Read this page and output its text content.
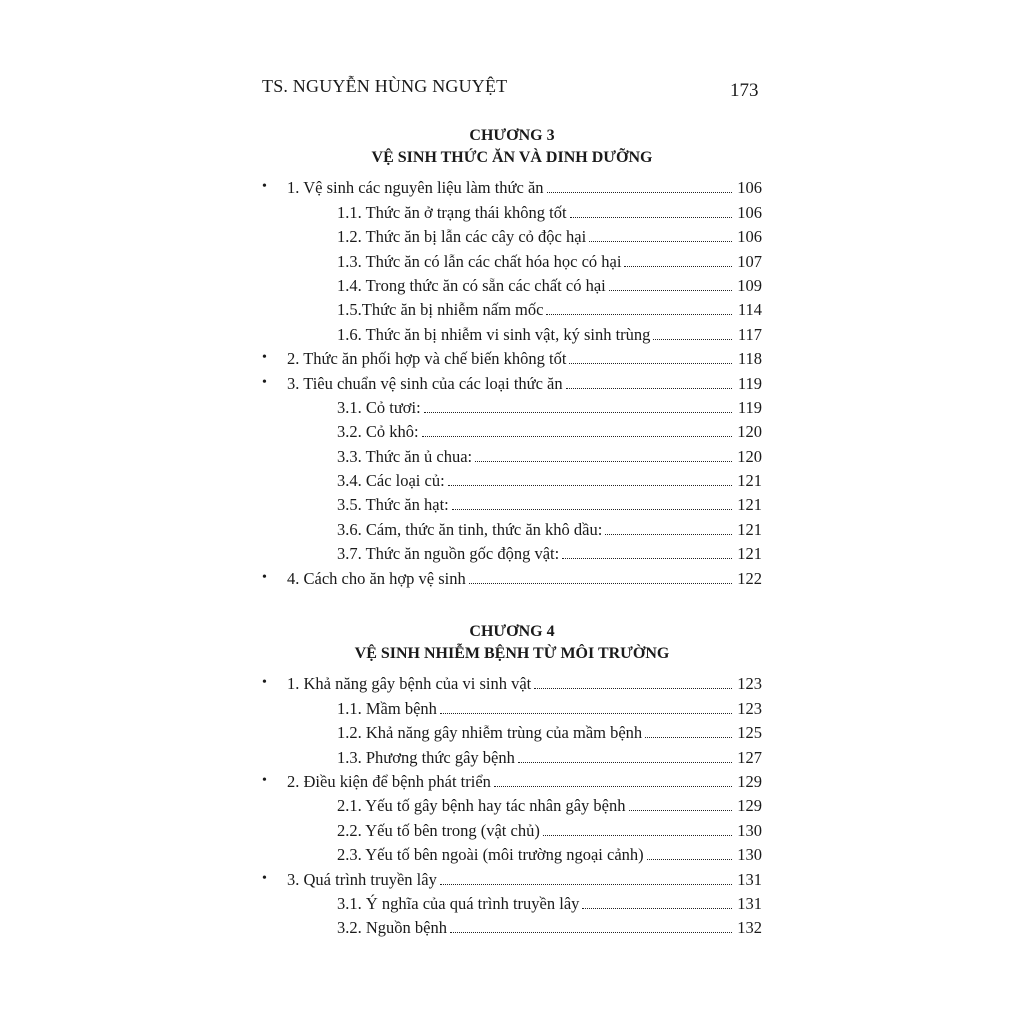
TS. NGUYỄN HÙNG NGUYỆT	173
CHƯƠNG 3
VỆ SINH THỨC ĂN VÀ DINH DƯỠNG
•	1. Vệ sinh các nguyên liệu làm thức ăn	106
1.1. Thức ăn ở trạng thái không tốt	106
1.2. Thức ăn bị lẫn các cây cỏ độc hại	106
1.3. Thức ăn có lẫn các chất hóa học có hại	107
1.4. Trong thức ăn có sẵn các chất có hại	109
1.5.Thức ăn bị nhiễm nấm mốc	114
1.6. Thức ăn bị nhiễm vi sinh vật, ký sinh trùng	117
•	2. Thức ăn phối hợp và chế biến không tốt	118
•	3. Tiêu chuẩn vệ sinh của các loại thức ăn	119
3.1. Cỏ tươi:	119
3.2. Cỏ khô:	120
3.3. Thức ăn ủ chua:	120
3.4. Các loại củ:	121
3.5. Thức ăn hạt:	121
3.6. Cám, thức ăn tinh, thức ăn khô dầu:	121
3.7. Thức ăn nguồn gốc động vật:	121
•	4. Cách cho ăn hợp vệ sinh	122
CHƯƠNG 4
VỆ SINH NHIỄM BỆNH TỪ MÔI TRƯỜNG
•	1. Khả năng gây bệnh của vi sinh vật	123
1.1. Mầm bệnh	123
1.2. Khả năng gây nhiễm trùng của mầm bệnh	125
1.3. Phương thức gây bệnh	127
•	2. Điều kiện để bệnh phát triển	129
2.1. Yếu tố gây bệnh hay tác nhân gây bệnh	129
2.2. Yếu tố bên trong (vật chủ)	130
2.3. Yếu tố bên ngoài (môi trường ngoại cảnh)	130
•	3. Quá trình truyền lây	131
3.1. Ý nghĩa của quá trình truyền lây	131
3.2. Nguồn bệnh	132
